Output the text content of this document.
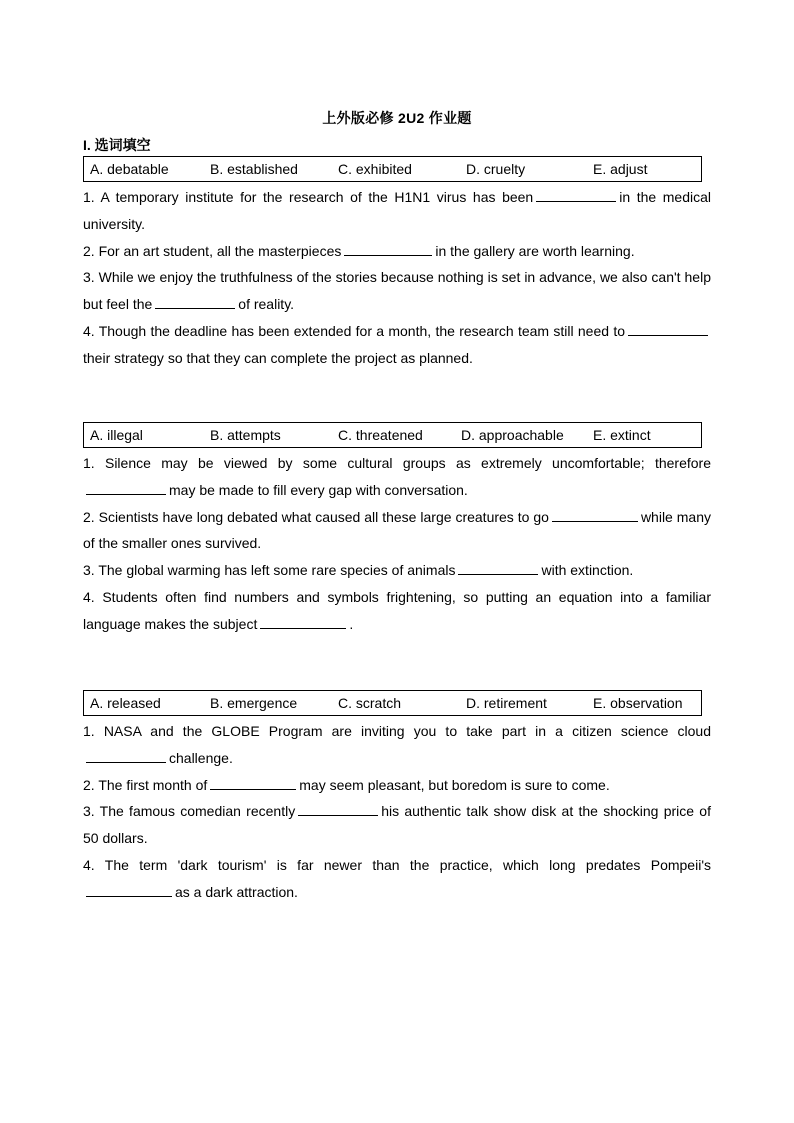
上外版必修 2U2 作业题
I. 选词填空
A. debatable	B. established	C. exhibited	D. cruelty	E. adjust

1. A temporary institute for the research of the H1N1 virus has been	in the medical university.

2. For an art student, all the masterpieces	in the gallery are worth learning.

3. While we enjoy the truthfulness of the stories because nothing is set in advance, we also can't help but feel the	of reality.

4. Though the deadline has been extended for a month, the research team still need totheir strategy so that they can complete the project as planned.

A. illegal	B. attempts	C. threatened	D. approachable E. extinct

1. Silence may be viewed by some cultural groups as extremely uncomfortable; thereforemay be made to fill every gap with conversation.

2. Scientists have long debated what caused all these large creatures to go	while many of the smaller ones survived.

3. The global warming has left some rare species of animals	with extinction.

4. Students often find numbers and symbols frightening, so putting an equation into a familiar language makes the subject	.

A. released	B. emergence	C. scratch	D. retirement	E. observation

1. NASA and the GLOBE Program are inviting you to take part in a citizen science cloudchallenge.

2. The first month of	may seem pleasant, but boredom is sure to come.

3. The famous comedian recently	his authentic talk show disk at the shocking price of 50 dollars.

4. The term 'dark tourism' is far newer than the practice, which long predates Pompeii'sas a dark attraction.
